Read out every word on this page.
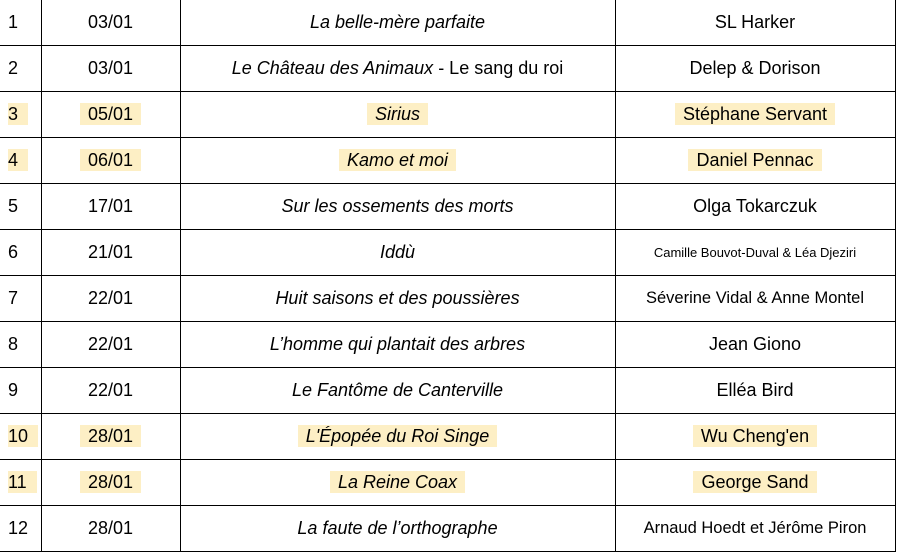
1	03/01	La belle-mère parfaite	SL Harker
2	03/01	Le Château des Animaux - Le sang du roi	Delep & Dorison
3	05/01	Sirius	Stéphane Servant
4	06/01	Kamo et moi	Daniel Pennac
5	17/01	Sur les ossements des morts	Olga Tokarczuk
6	21/01	Iddù	Camille Bouvot-Duval & Léa Djeziri
7	22/01	Huit saisons et des poussières	Séverine Vidal & Anne Montel
8	22/01	L’homme qui plantait des arbres	Jean Giono
9	22/01	Le Fantôme de Canterville	Elléa Bird
10	28/01	L'Épopée du Roi Singe	Wu Cheng'en
11	28/01	La Reine Coax	George Sand
12	28/01	La faute de l’orthographe	Arnaud Hoedt et Jérôme Piron
